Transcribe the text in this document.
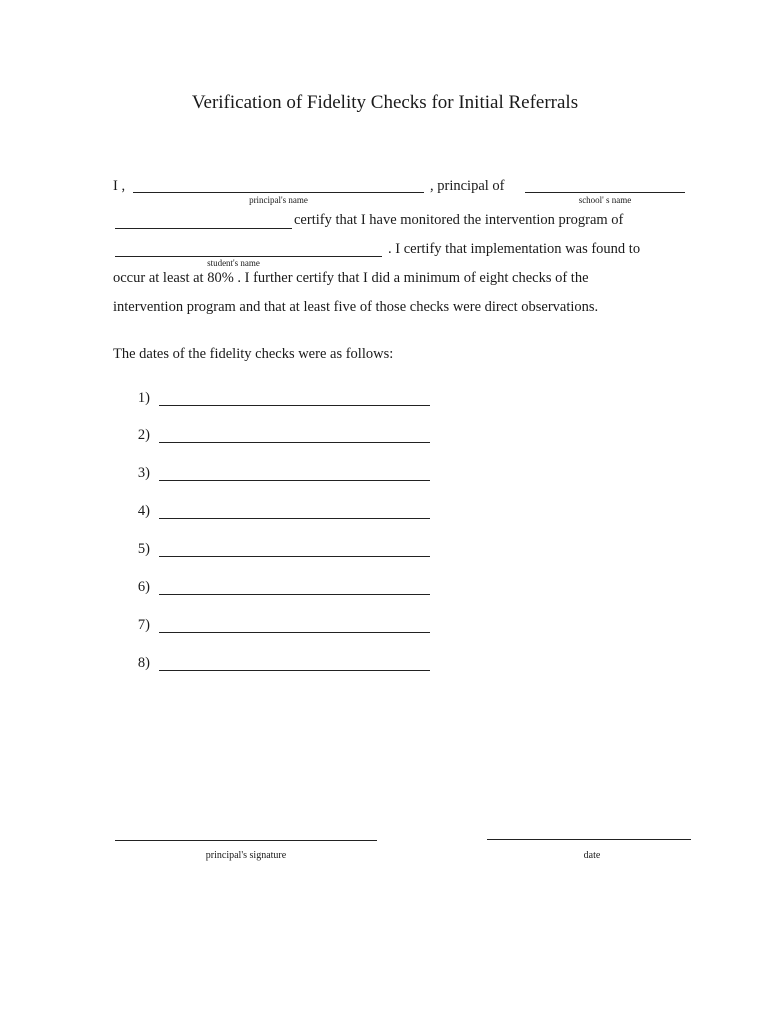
Verification of Fidelity Checks for Initial Referrals
I ,
principal's name
, principal of
school' s name
certify that I have monitored the intervention program of
student's name
. I certify that implementation was found to
occur at least at 80% . I further certify that I did a minimum of eight checks of the
intervention program and that at least five of those checks were direct observations.
The dates of the fidelity checks were as follows:
1)
2)
3)
4)
5)
6)
7)
8)
principal's signature	date
